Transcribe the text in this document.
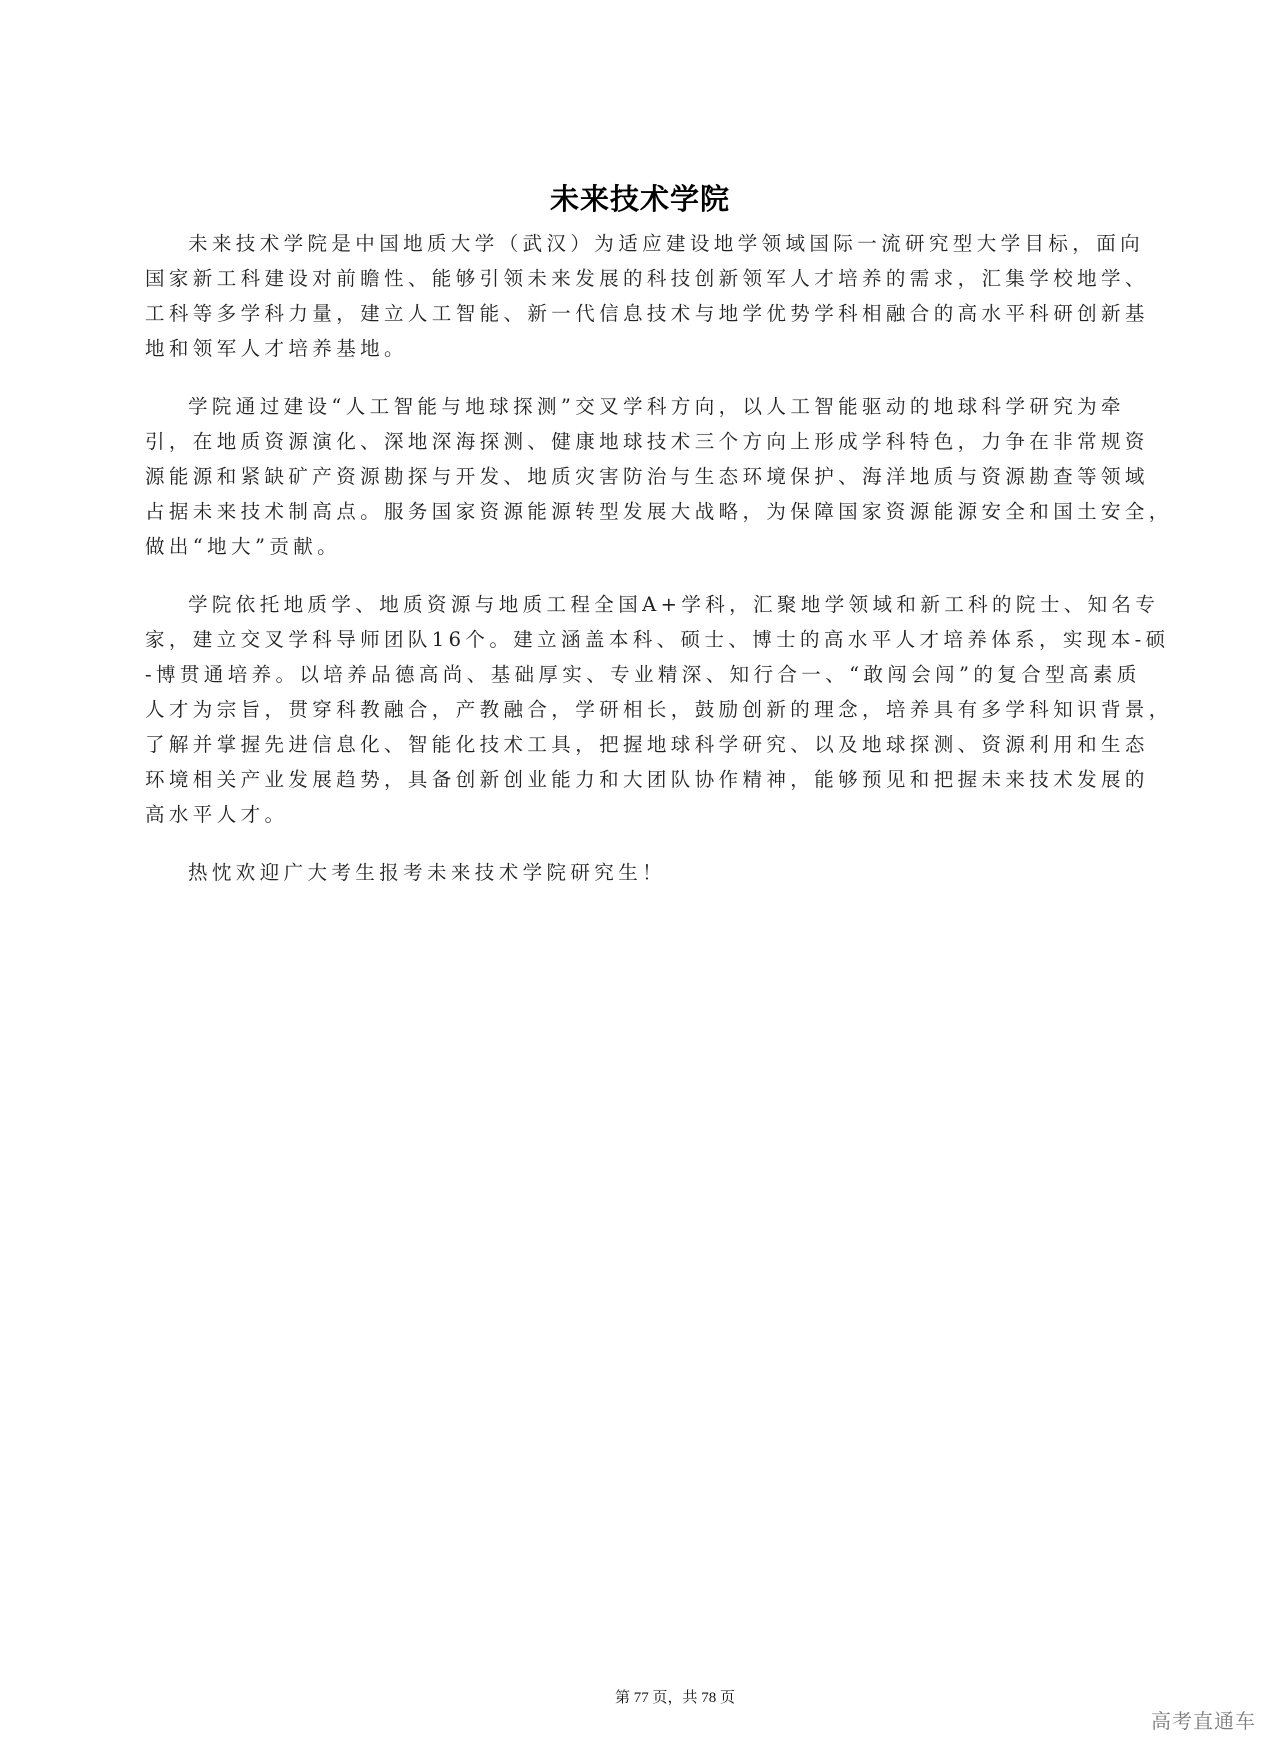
未来技术学院

未来技术学院是中国地质大学（武汉）为适应建设地学领域国际一流研究型大学目标，面向
国家新工科建设对前瞻性、能够引领未来发展的科技创新领军人才培养的需求，汇集学校地学、
工科等多学科力量，建立人工智能、新一代信息技术与地学优势学科相融合的高水平科研创新基
地和领军人才培养基地。

学院通过建设“人工智能与地球探测”交叉学科方向，以人工智能驱动的地球科学研究为牵
引，在地质资源演化、深地深海探测、健康地球技术三个方向上形成学科特色，力争在非常规资
源能源和紧缺矿产资源勘探与开发、地质灾害防治与生态环境保护、海洋地质与资源勘查等领域
占据未来技术制高点。服务国家资源能源转型发展大战略，为保障国家资源能源安全和国土安全，
做出“地大”贡献。

学院依托地质学、地质资源与地质工程全国A+学科，汇聚地学领域和新工科的院士、知名专
家，建立交叉学科导师团队16个。建立涵盖本科、硕士、博士的高水平人才培养体系，实现本-硕
-博贯通培养。以培养品德高尚、基础厚实、专业精深、知行合一、“敢闯会闯”的复合型高素质
人才为宗旨，贯穿科教融合，产教融合，学研相长，鼓励创新的理念，培养具有多学科知识背景，
了解并掌握先进信息化、智能化技术工具，把握地球科学研究、以及地球探测、资源利用和生态
环境相关产业发展趋势，具备创新创业能力和大团队协作精神，能够预见和把握未来技术发展的
高水平人才。

热忱欢迎广大考生报考未来技术学院研究生！

第 77 页，共 78 页
高考直通车
